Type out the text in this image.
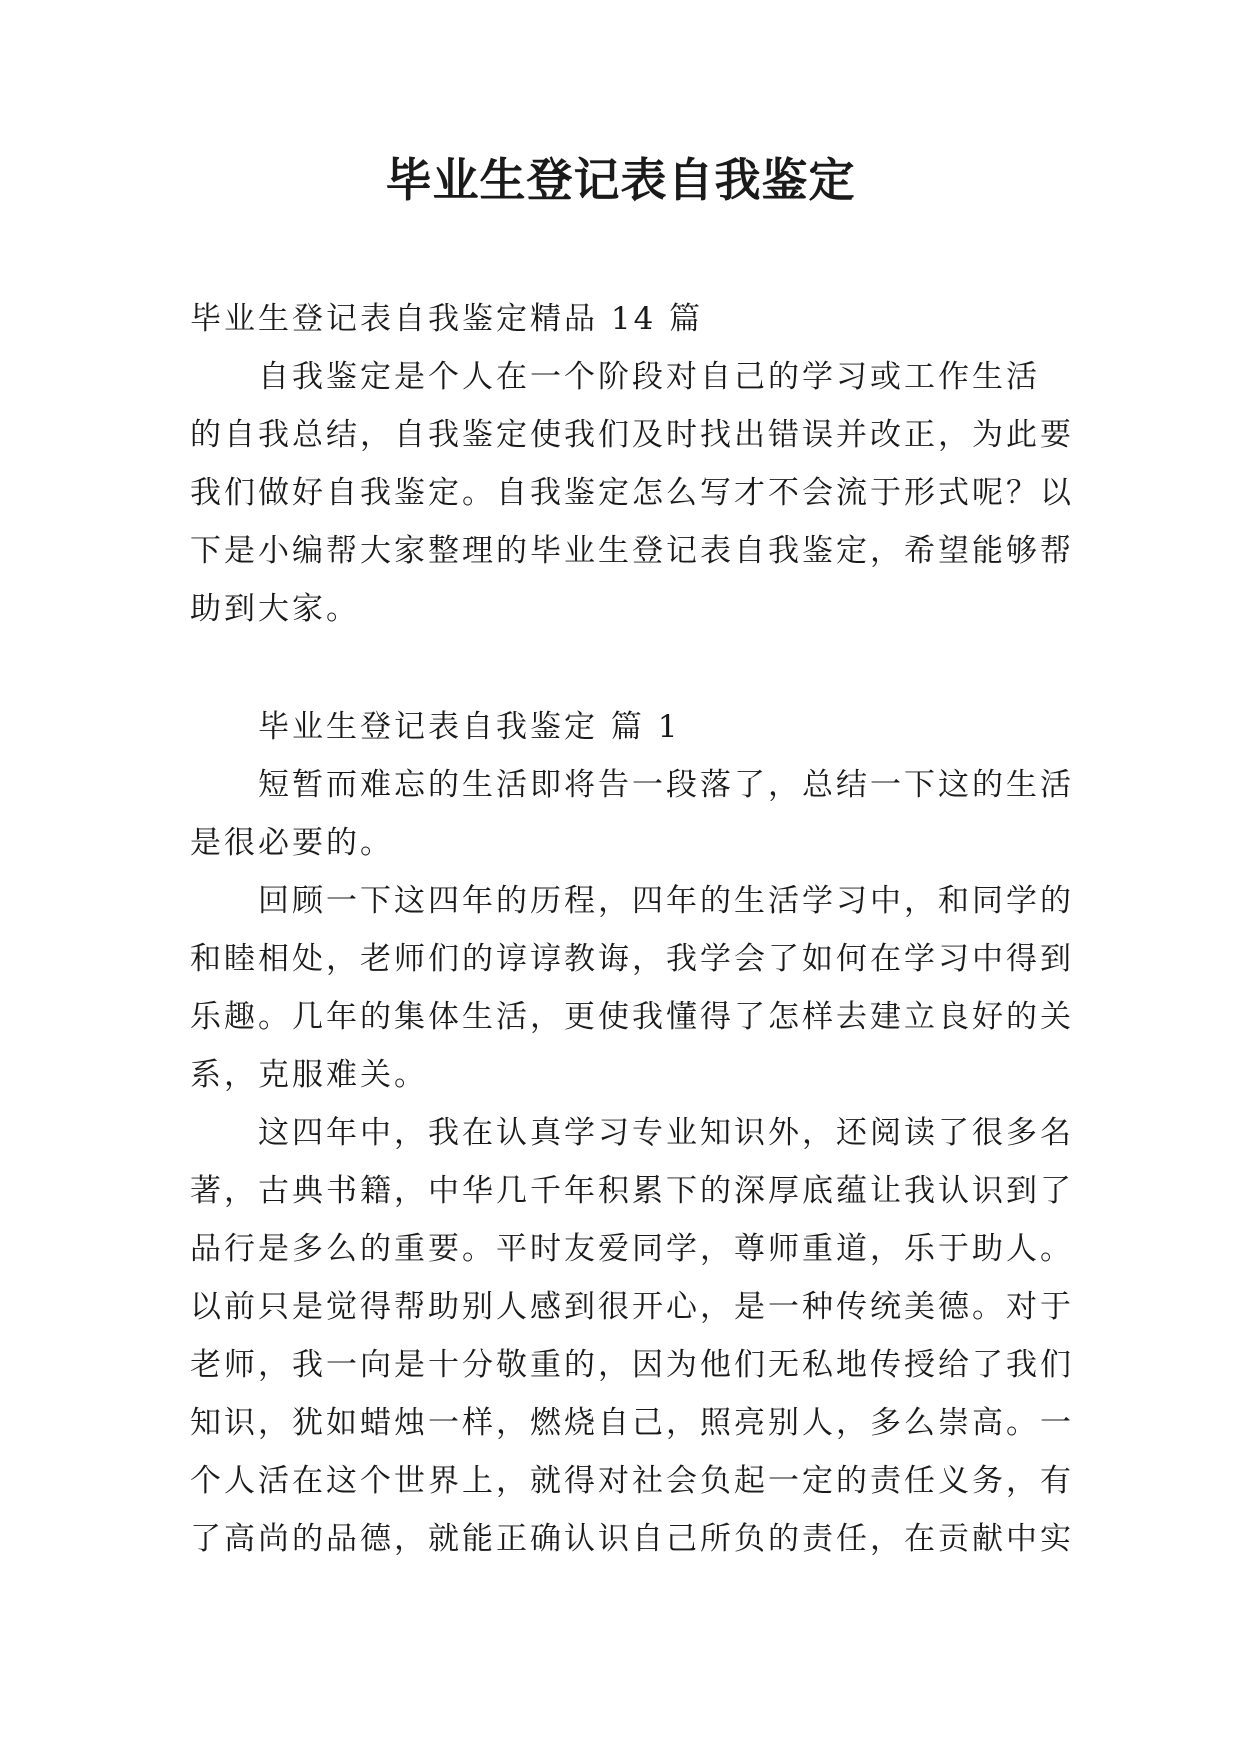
毕业生登记表自我鉴定

毕业生登记表自我鉴定精品 14 篇

自我鉴定是个人在一个阶段对自己的学习或工作生活

的自我总结，自我鉴定使我们及时找出错误并改正，为此要

我们做好自我鉴定。自我鉴定怎么写才不会流于形式呢？以

下是小编帮大家整理的毕业生登记表自我鉴定，希望能够帮

助到大家。

毕业生登记表自我鉴定 篇 1

短暂而难忘的生活即将告一段落了，总结一下这的生活

是很必要的。

回顾一下这四年的历程，四年的生活学习中，和同学的

和睦相处，老师们的谆谆教诲，我学会了如何在学习中得到

乐趣。几年的集体生活，更使我懂得了怎样去建立良好的关

系，克服难关。

这四年中，我在认真学习专业知识外，还阅读了很多名

著，古典书籍，中华几千年积累下的深厚底蕴让我认识到了

品行是多么的重要。平时友爱同学，尊师重道，乐于助人。

以前只是觉得帮助别人感到很开心，是一种传统美德。对于

老师，我一向是十分敬重的，因为他们无私地传授给了我们

知识，犹如蜡烛一样，燃烧自己，照亮别人，多么崇高。一

个人活在这个世界上，就得对社会负起一定的责任义务，有

了高尚的品德，就能正确认识自己所负的责任，在贡献中实
